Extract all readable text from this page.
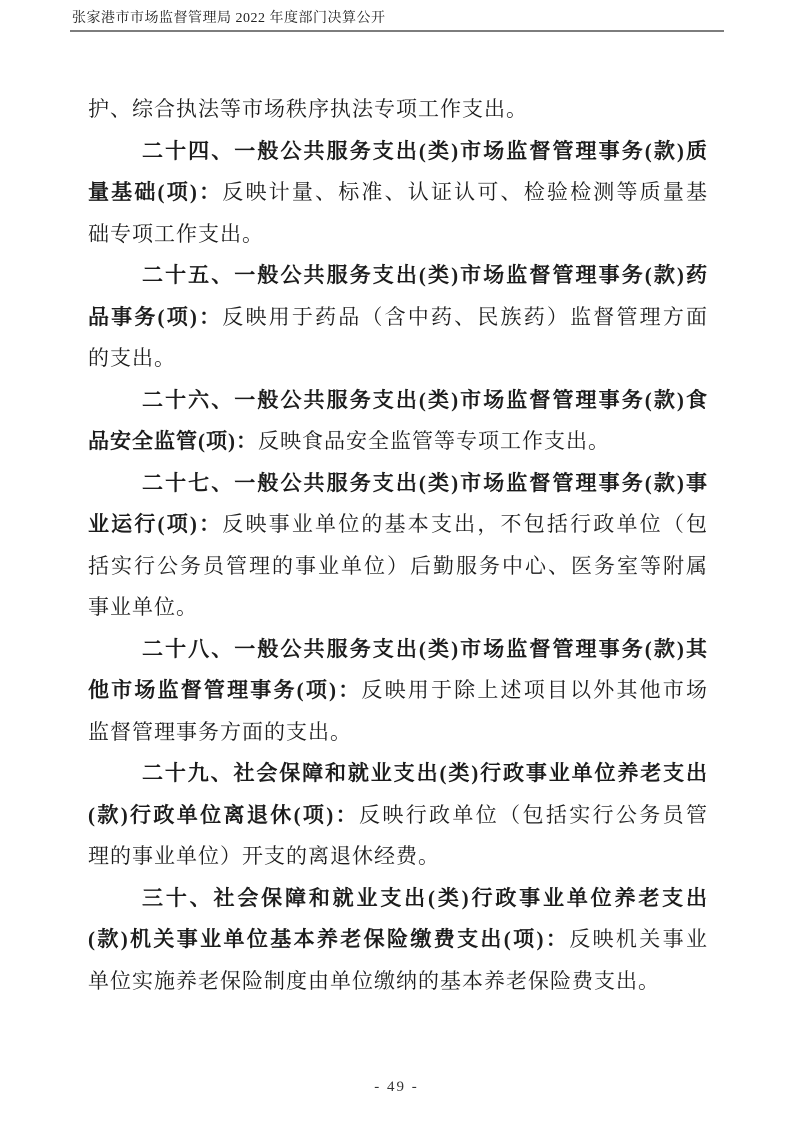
张家港市市场监督管理局 2022 年度部门决算公开
护、综合执法等市场秩序执法专项工作支出。
二十四、一般公共服务支出(类)市场监督管理事务(款)质
量基础(项)：反映计量、标准、认证认可、检验检测等质量基
础专项工作支出。
二十五、一般公共服务支出(类)市场监督管理事务(款)药
品事务(项)：反映用于药品（含中药、民族药）监督管理方面
的支出。
二十六、一般公共服务支出(类)市场监督管理事务(款)食
品安全监管(项)：反映食品安全监管等专项工作支出。
二十七、一般公共服务支出(类)市场监督管理事务(款)事
业运行(项)：反映事业单位的基本支出，不包括行政单位（包
括实行公务员管理的事业单位）后勤服务中心、医务室等附属
事业单位。
二十八、一般公共服务支出(类)市场监督管理事务(款)其
他市场监督管理事务(项)：反映用于除上述项目以外其他市场
监督管理事务方面的支出。
二十九、社会保障和就业支出(类)行政事业单位养老支出
(款)行政单位离退休(项)：反映行政单位（包括实行公务员管
理的事业单位）开支的离退休经费。
三十、社会保障和就业支出(类)行政事业单位养老支出
(款)机关事业单位基本养老保险缴费支出(项)：反映机关事业
单位实施养老保险制度由单位缴纳的基本养老保险费支出。
- 49 -
